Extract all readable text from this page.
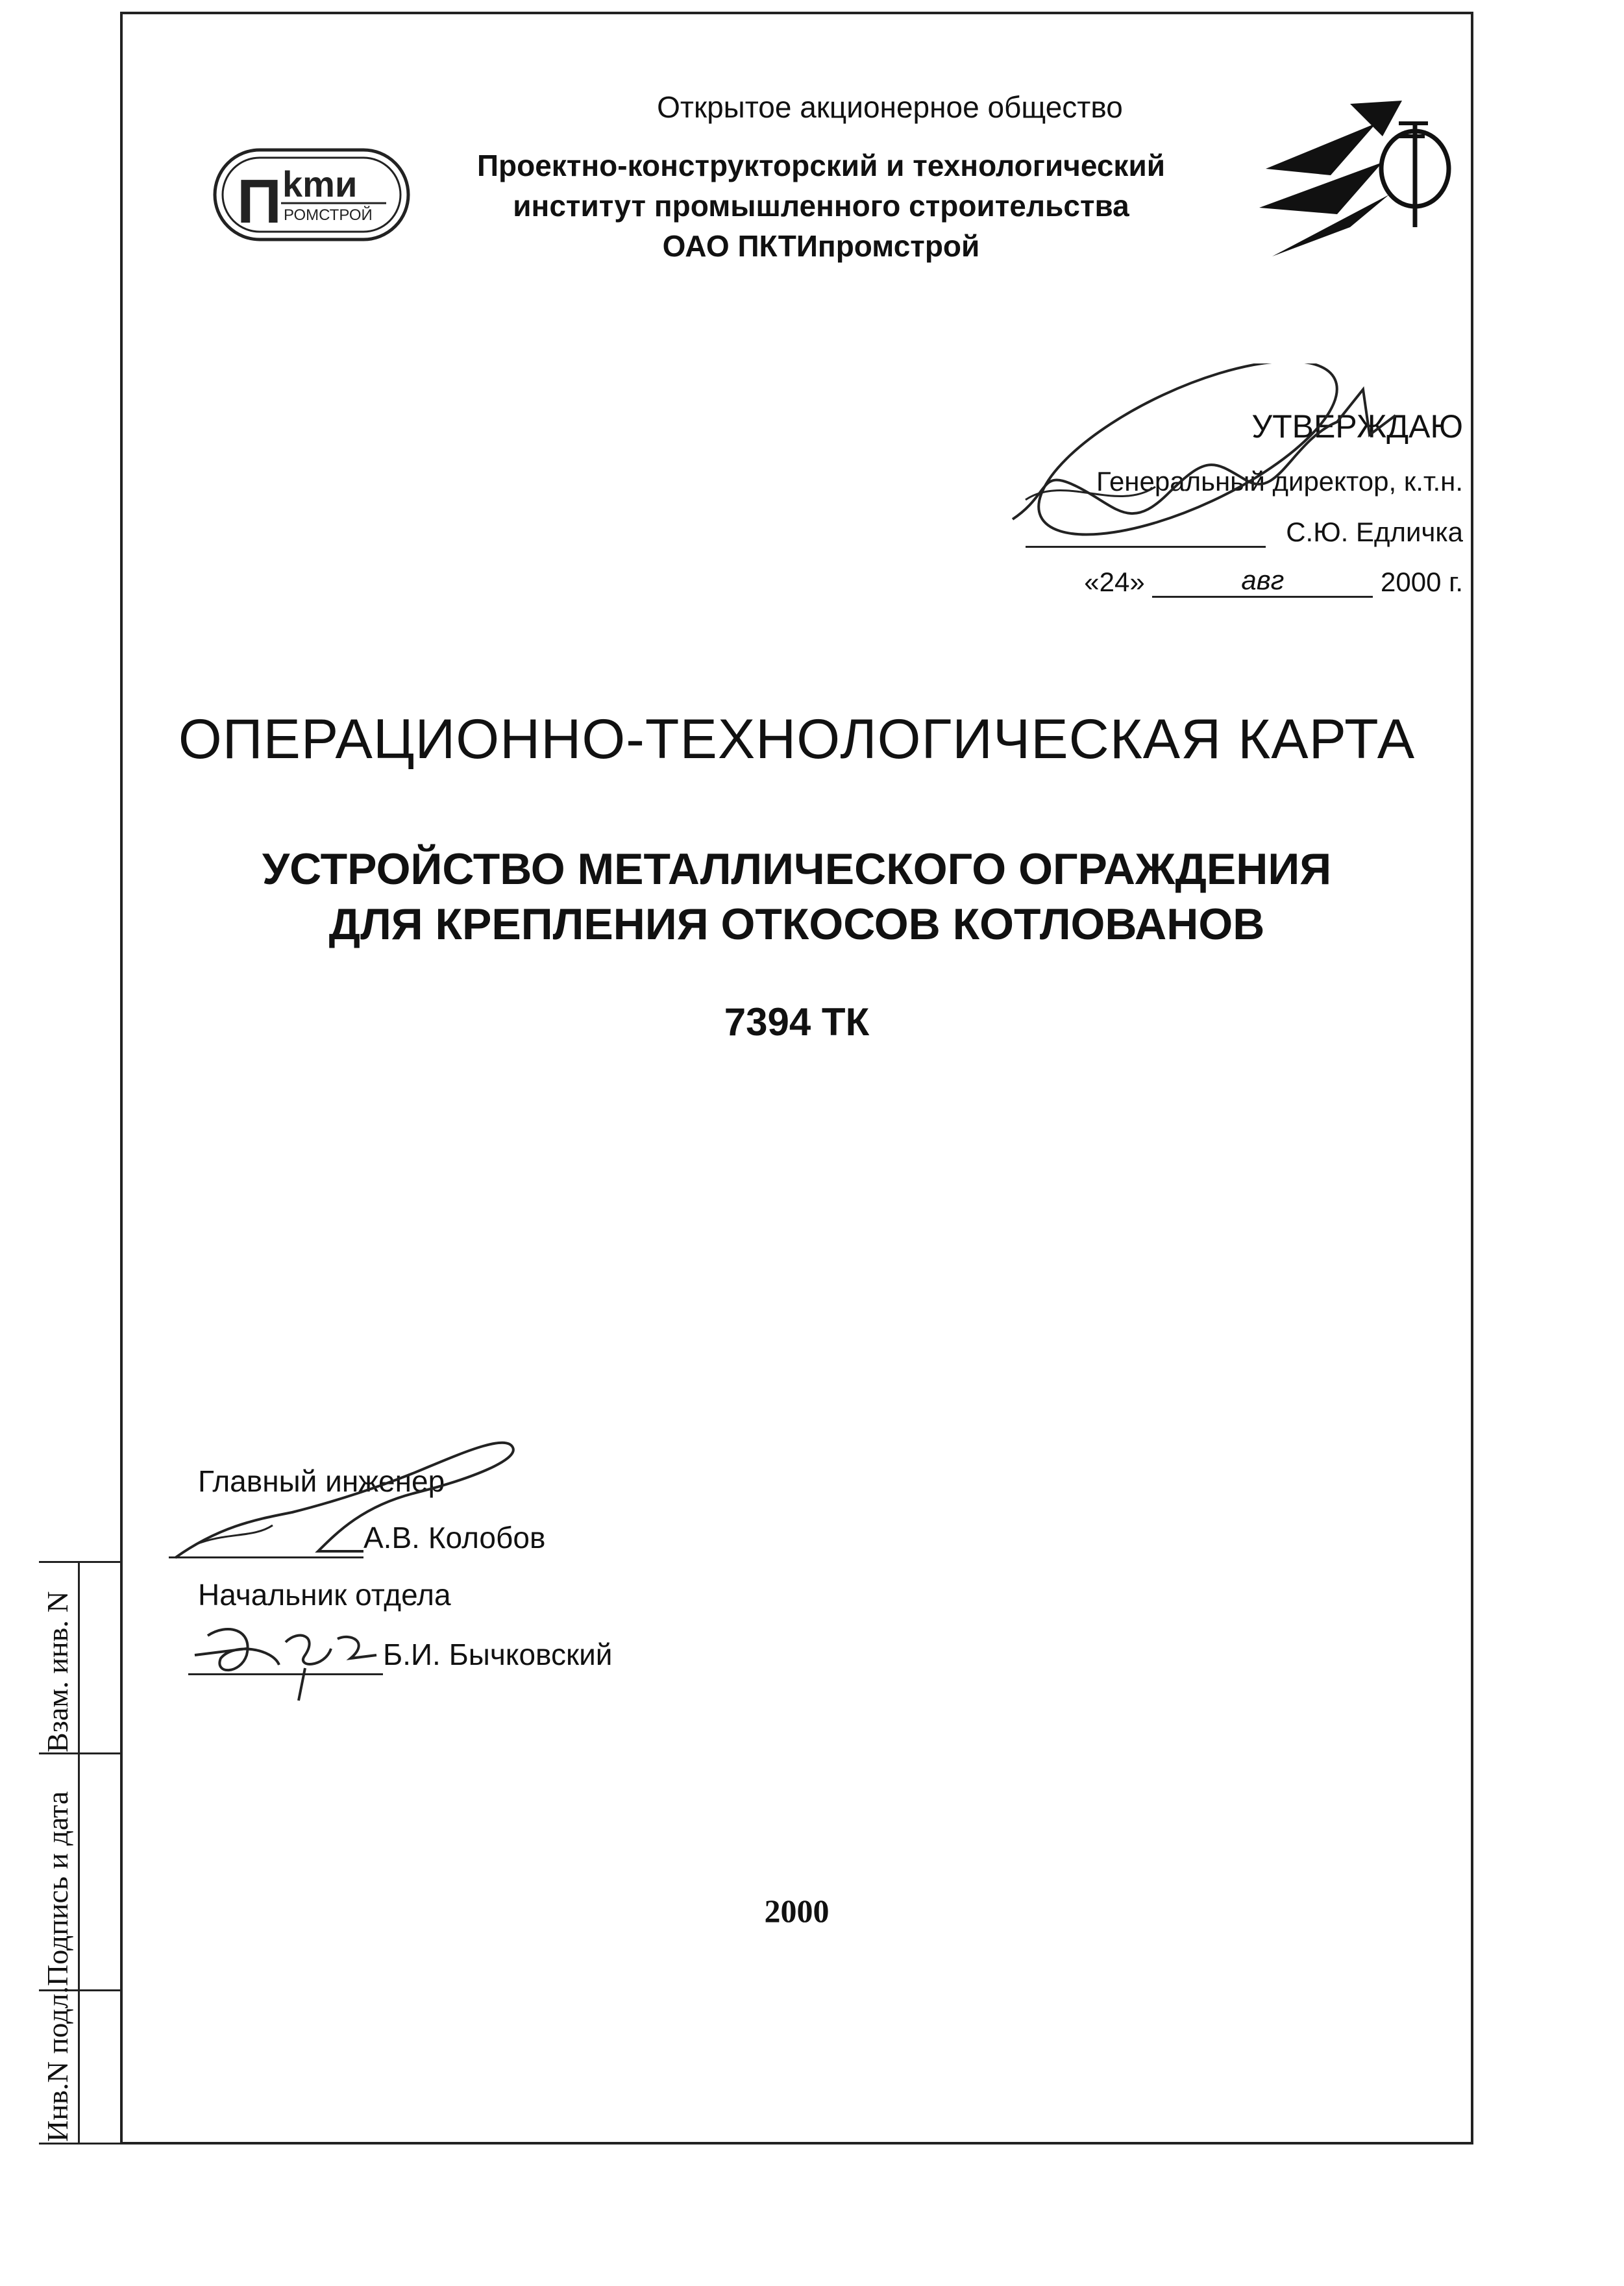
Взам. инв. N
Подпись и дата
Инв.N подл.
П kmи
РОМСТРОЙ
Открытое акционерное общество
Проектно-конструкторский и технологический
институт промышленного строительства
ОАО ПКТИпромстрой
УТВЕРЖДАЮ
Генеральный директор, к.т.н.
С.Ю. Едличка
«24»	авг	2000 г.
ОПЕРАЦИОННО-ТЕХНОЛОГИЧЕСКАЯ КАРТА
УСТРОЙСТВО МЕТАЛЛИЧЕСКОГО ОГРАЖДЕНИЯ
ДЛЯ КРЕПЛЕНИЯ ОТКОСОВ КОТЛОВАНОВ
7394 ТК
Главный инженер
А.В. Колобов
Начальник отдела
Б.И. Бычковский
2000
